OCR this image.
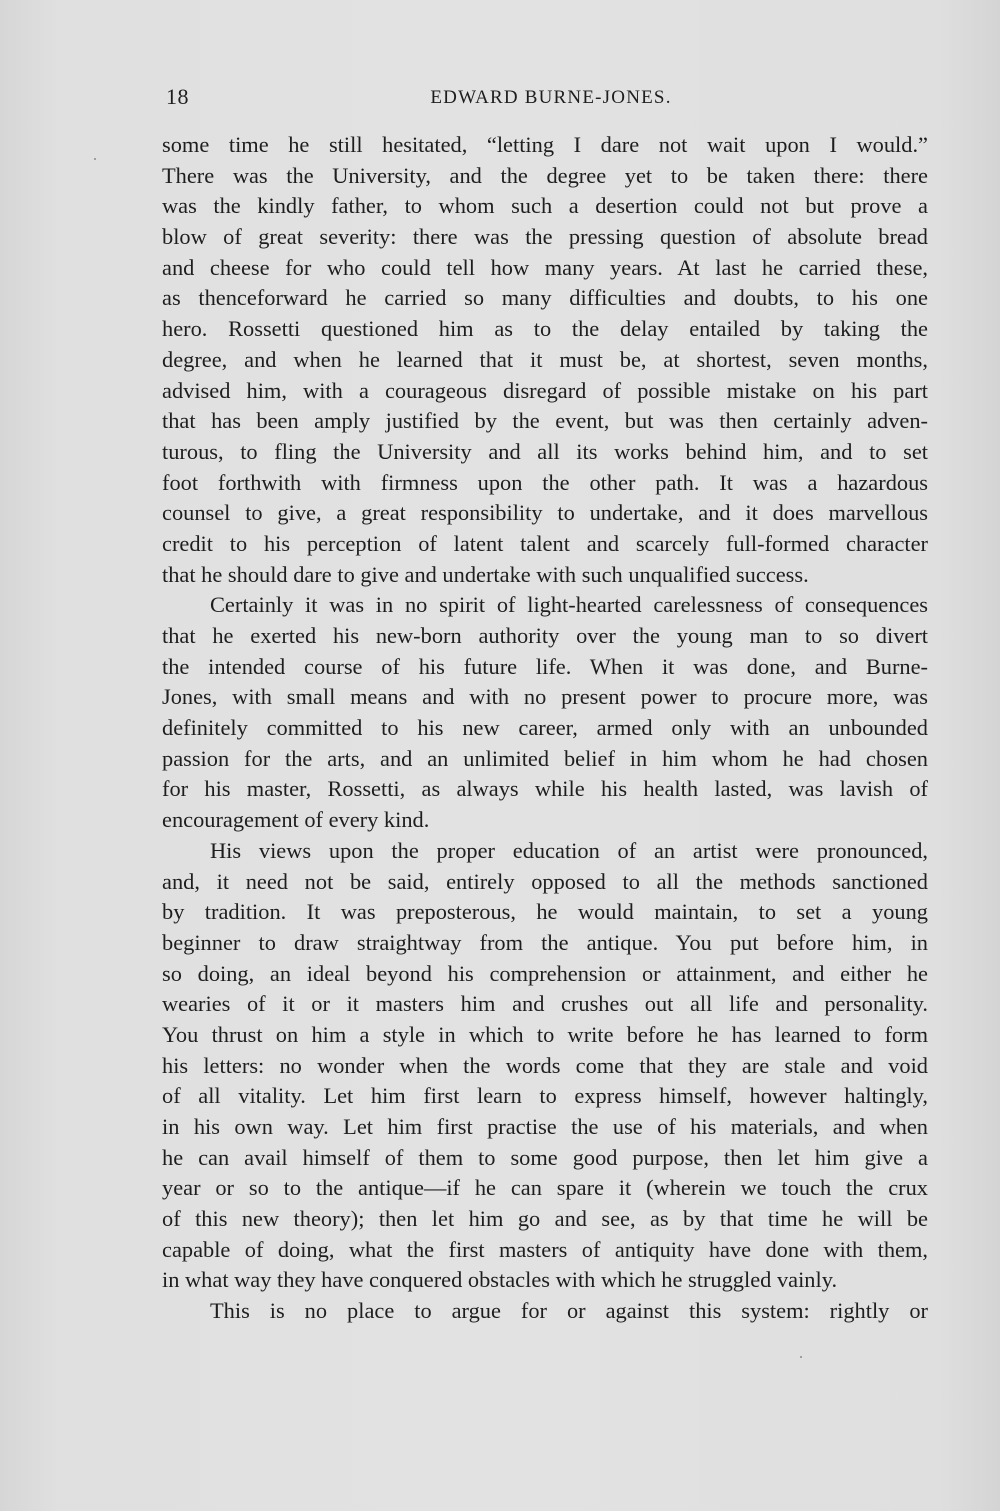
18	EDWARD BURNE-JONES.
some time he still hesitated, “letting I dare not wait upon I would.”
There was the University, and the degree yet to be taken there: there
was the kindly father, to whom such a desertion could not but prove a
blow of great severity: there was the pressing question of absolute bread
and cheese for who could tell how many years. At last he carried these,
as thenceforward he carried so many difficulties and doubts, to his one
hero. Rossetti questioned him as to the delay entailed by taking the
degree, and when he learned that it must be, at shortest, seven months,
advised him, with a courageous disregard of possible mistake on his part
that has been amply justified by the event, but was then certainly adven-
turous, to fling the University and all its works behind him, and to set
foot forthwith with firmness upon the other path. It was a hazardous
counsel to give, a great responsibility to undertake, and it does marvellous
credit to his perception of latent talent and scarcely full-formed character
that he should dare to give and undertake with such unqualified success.
Certainly it was in no spirit of light-hearted carelessness of consequences
that he exerted his new-born authority over the young man to so divert
the intended course of his future life. When it was done, and Burne-
Jones, with small means and with no present power to procure more, was
definitely committed to his new career, armed only with an unbounded
passion for the arts, and an unlimited belief in him whom he had chosen
for his master, Rossetti, as always while his health lasted, was lavish of
encouragement of every kind.
His views upon the proper education of an artist were pronounced,
and, it need not be said, entirely opposed to all the methods sanctioned
by tradition. It was preposterous, he would maintain, to set a young
beginner to draw straightway from the antique. You put before him, in
so doing, an ideal beyond his comprehension or attainment, and either he
wearies of it or it masters him and crushes out all life and personality.
You thrust on him a style in which to write before he has learned to form
his letters: no wonder when the words come that they are stale and void
of all vitality. Let him first learn to express himself, however haltingly,
in his own way. Let him first practise the use of his materials, and when
he can avail himself of them to some good purpose, then let him give a
year or so to the antique—if he can spare it (wherein we touch the crux
of this new theory); then let him go and see, as by that time he will be
capable of doing, what the first masters of antiquity have done with them,
in what way they have conquered obstacles with which he struggled vainly.
This is no place to argue for or against this system: rightly or
